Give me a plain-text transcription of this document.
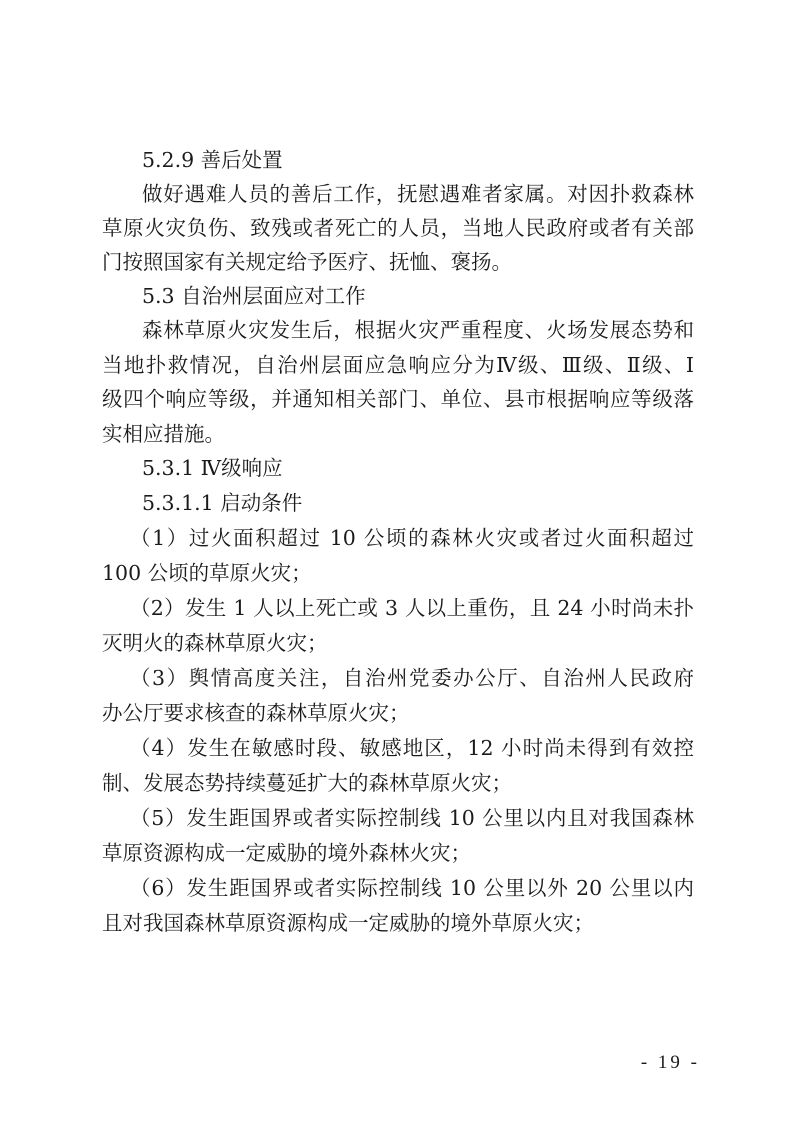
5.2.9 善后处置
做好遇难人员的善后工作，抚慰遇难者家属。对因扑救森林
草原火灾负伤、致残或者死亡的人员，当地人民政府或者有关部
门按照国家有关规定给予医疗、抚恤、褒扬。
5.3 自治州层面应对工作
森林草原火灾发生后，根据火灾严重程度、火场发展态势和
当地扑救情况，自治州层面应急响应分为Ⅳ级、Ⅲ级、Ⅱ级、Ⅰ
级四个响应等级，并通知相关部门、单位、县市根据响应等级落
实相应措施。
5.3.1 Ⅳ级响应
5.3.1.1 启动条件
（1）过火面积超过 10 公顷的森林火灾或者过火面积超过
100 公顷的草原火灾；
（2）发生 1 人以上死亡或 3 人以上重伤，且 24 小时尚未扑
灭明火的森林草原火灾；
（3）舆情高度关注，自治州党委办公厅、自治州人民政府
办公厅要求核查的森林草原火灾；
（4）发生在敏感时段、敏感地区，12 小时尚未得到有效控
制、发展态势持续蔓延扩大的森林草原火灾；
（5）发生距国界或者实际控制线 10 公里以内且对我国森林
草原资源构成一定威胁的境外森林火灾；
（6）发生距国界或者实际控制线 10 公里以外 20 公里以内
且对我国森林草原资源构成一定威胁的境外草原火灾；
- 19 -
